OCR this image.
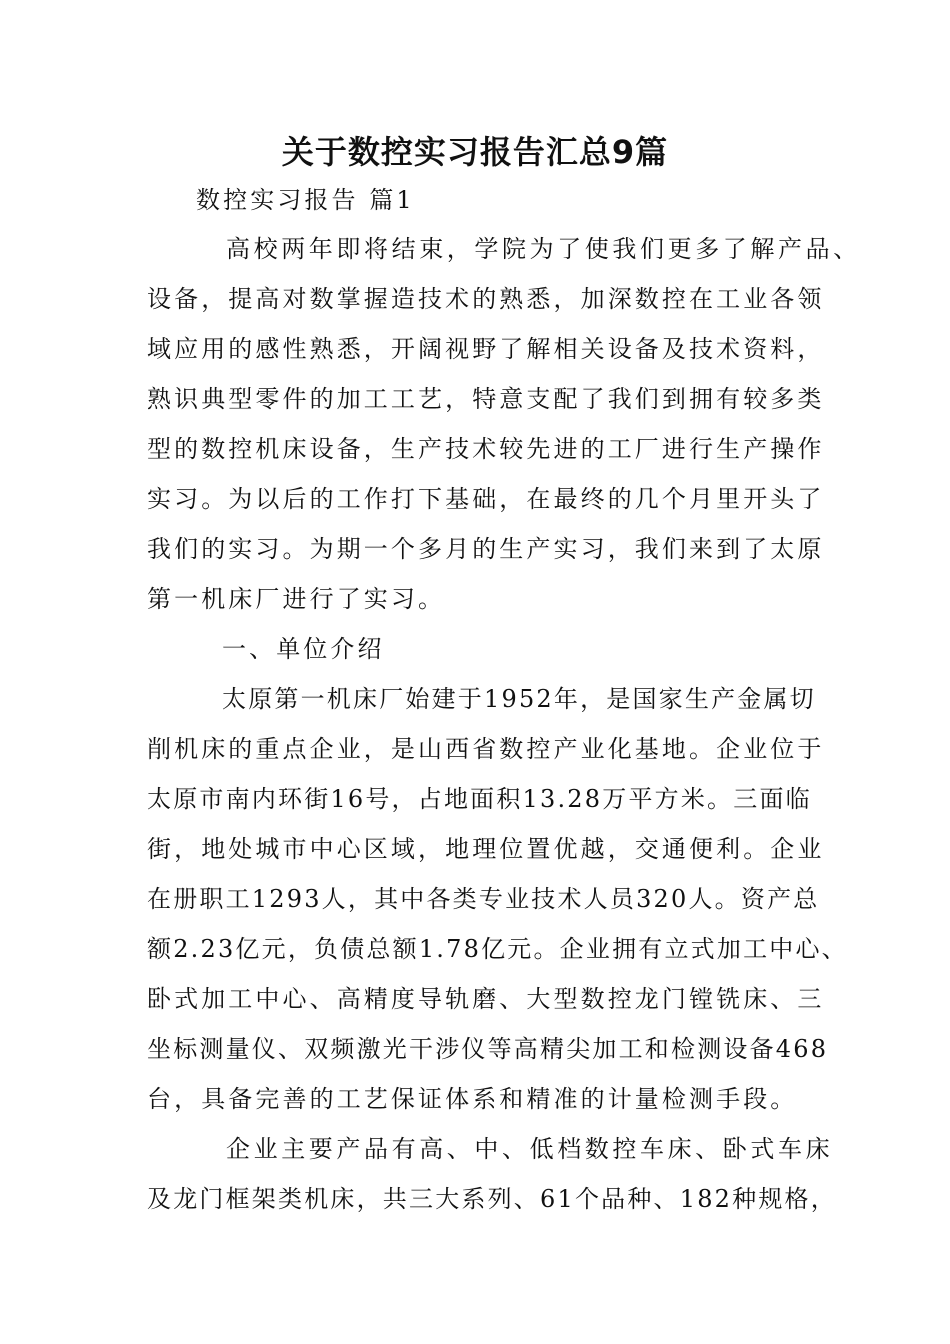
关于数控实习报告汇总9篇

数控实习报告 篇1

高校两年即将结束，学院为了使我们更多了解产品、

设备，提高对数掌握造技术的熟悉，加深数控在工业各领

域应用的感性熟悉，开阔视野了解相关设备及技术资料，

熟识典型零件的加工工艺，特意支配了我们到拥有较多类

型的数控机床设备，生产技术较先进的工厂进行生产操作

实习。为以后的工作打下基础，在最终的几个月里开头了

我们的实习。为期一个多月的生产实习，我们来到了太原

第一机床厂进行了实习。

一、单位介绍

太原第一机床厂始建于1952年，是国家生产金属切

削机床的重点企业，是山西省数控产业化基地。企业位于

太原市南内环街16号，占地面积13.28万平方米。三面临

街，地处城市中心区域，地理位置优越，交通便利。企业

在册职工1293人，其中各类专业技术人员320人。资产总

额2.23亿元，负债总额1.78亿元。企业拥有立式加工中心、

卧式加工中心、高精度导轨磨、大型数控龙门镗铣床、三

坐标测量仪、双频激光干涉仪等高精尖加工和检测设备468

台，具备完善的工艺保证体系和精准的计量检测手段。

企业主要产品有高、中、低档数控车床、卧式车床

及龙门框架类机床，共三大系列、61个品种、182种规格，
